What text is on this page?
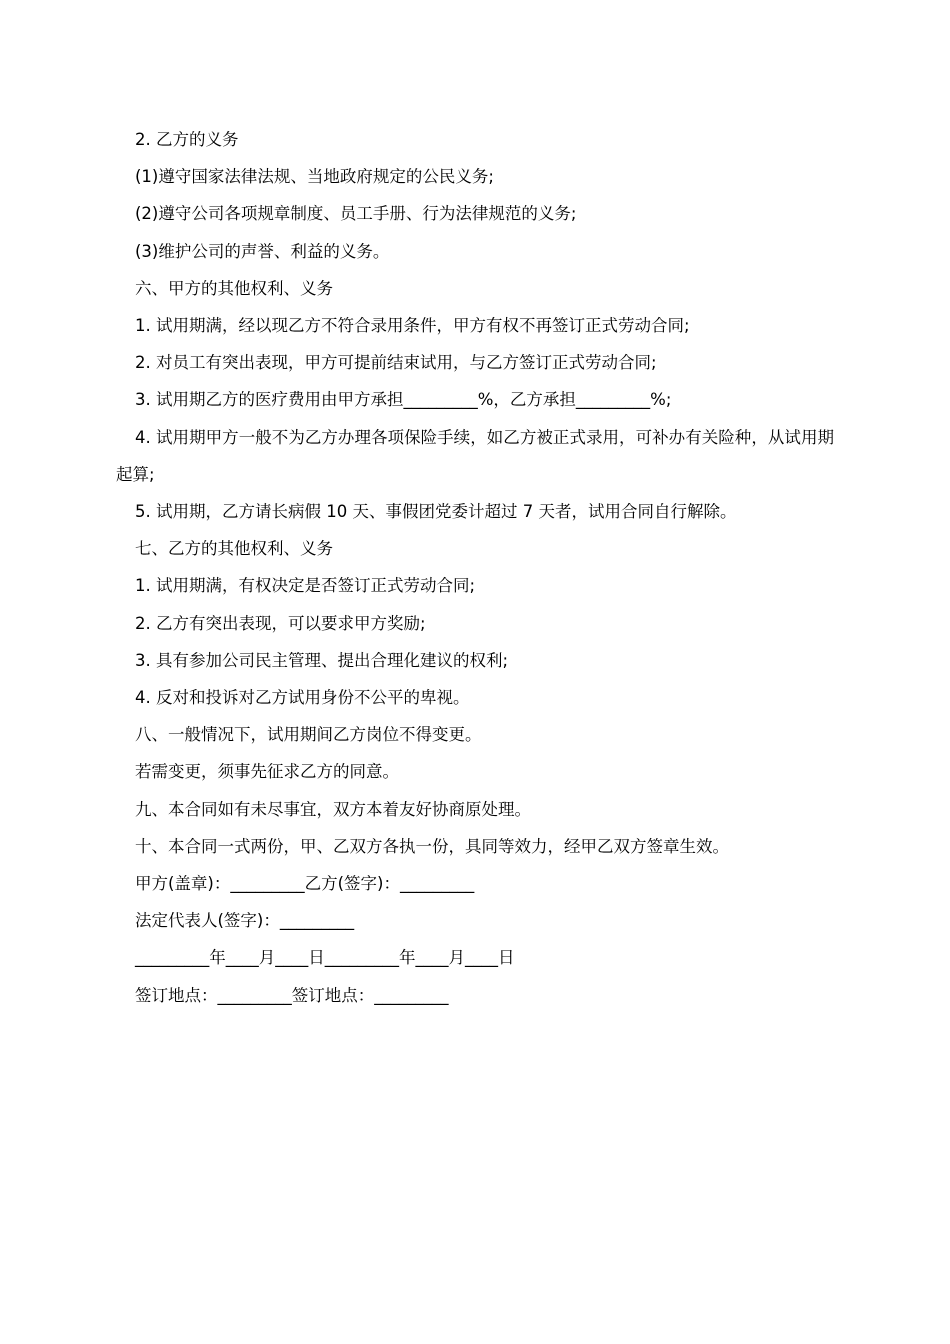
2. 乙方的义务

(1)遵守国家法律法规、当地政府规定的公民义务;

(2)遵守公司各项规章制度、员工手册、行为法律规范的义务;

(3)维护公司的声誉、利益的义务。

六、甲方的其他权利、义务

1. 试用期满，经以现乙方不符合录用条件，甲方有权不再签订正式劳动合同;

2. 对员工有突出表现，甲方可提前结束试用，与乙方签订正式劳动合同;

3. 试用期乙方的医疗费用由甲方承担_________%，乙方承担_________%;

4. 试用期甲方一般不为乙方办理各项保险手续，如乙方被正式录用，可补办有关险种，从试用期起算;

5. 试用期，乙方请长病假 10 天、事假团党委计超过 7 天者，试用合同自行解除。

七、乙方的其他权利、义务

1. 试用期满，有权决定是否签订正式劳动合同;

2. 乙方有突出表现，可以要求甲方奖励;

3. 具有参加公司民主管理、提出合理化建议的权利;

4. 反对和投诉对乙方试用身份不公平的卑视。

八、一般情况下，试用期间乙方岗位不得变更。

若需变更，须事先征求乙方的同意。

九、本合同如有未尽事宜，双方本着友好协商原处理。

十、本合同一式两份，甲、乙双方各执一份，具同等效力，经甲乙双方签章生效。

甲方(盖章)：_________乙方(签字)：_________

法定代表人(签字)：_________

_________年____月____日_________年____月____日

签订地点：_________签订地点：_________
